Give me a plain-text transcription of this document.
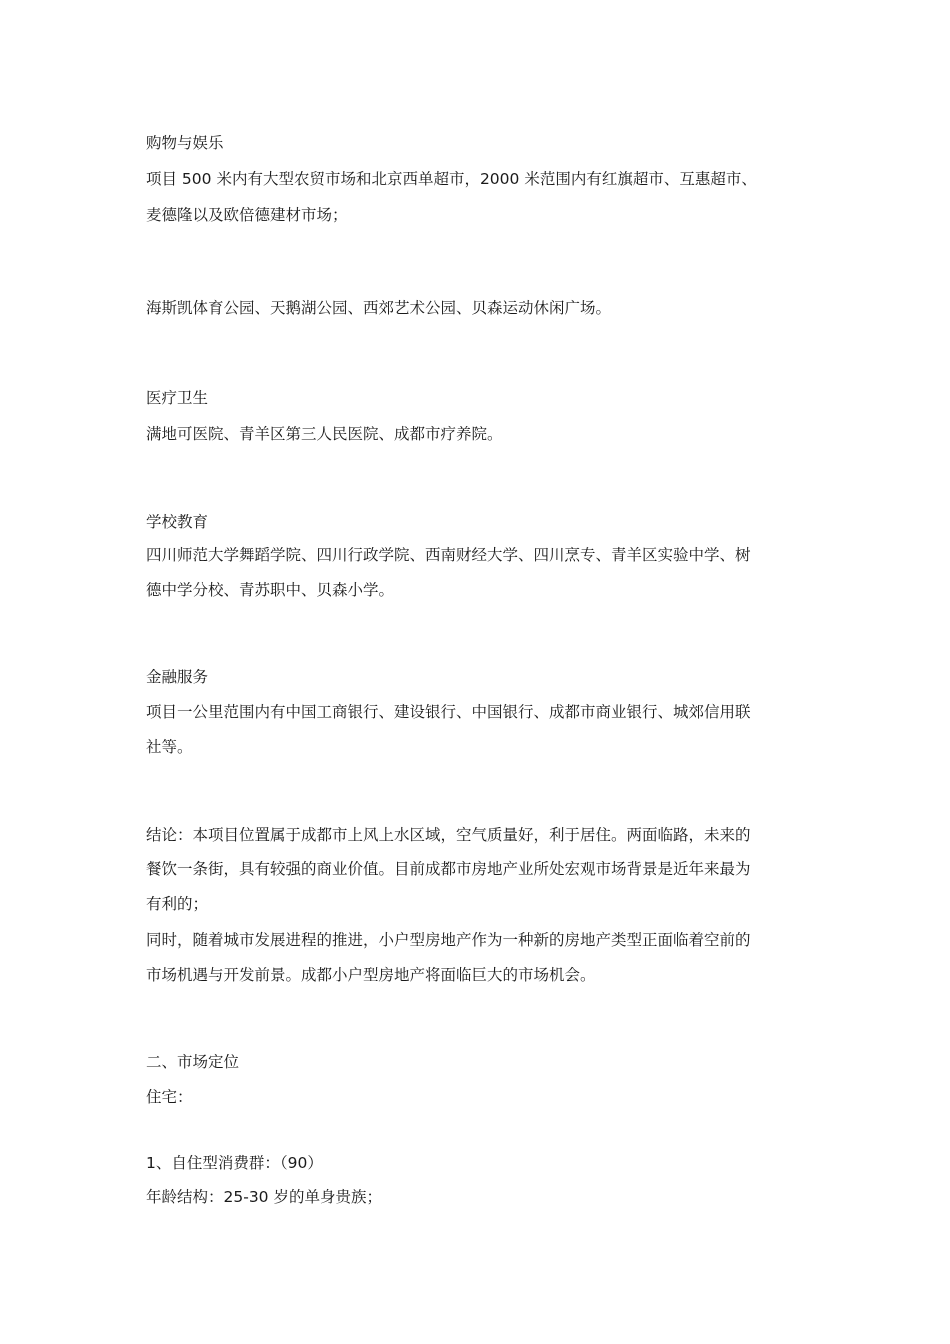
购物与娱乐
项目 500 米内有大型农贸市场和北京西单超市，2000 米范围内有红旗超市、互惠超市、
麦德隆以及欧倍德建材市场；
海斯凯体育公园、天鹅湖公园、西郊艺术公园、贝森运动休闲广场。
医疗卫生
满地可医院、青羊区第三人民医院、成都市疗养院。
学校教育
四川师范大学舞蹈学院、四川行政学院、西南财经大学、四川烹专、青羊区实验中学、树
德中学分校、青苏职中、贝森小学。
金融服务
项目一公里范围内有中国工商银行、建设银行、中国银行、成都市商业银行、城郊信用联
社等。
结论：本项目位置属于成都市上风上水区域，空气质量好，利于居住。两面临路，未来的
餐饮一条街，具有较强的商业价值。目前成都市房地产业所处宏观市场背景是近年来最为
有利的；
同时，随着城市发展进程的推进，小户型房地产作为一种新的房地产类型正面临着空前的
市场机遇与开发前景。成都小户型房地产将面临巨大的市场机会。
二、市场定位
住宅：
1、自住型消费群：（90）
年龄结构：25-30 岁的单身贵族；
